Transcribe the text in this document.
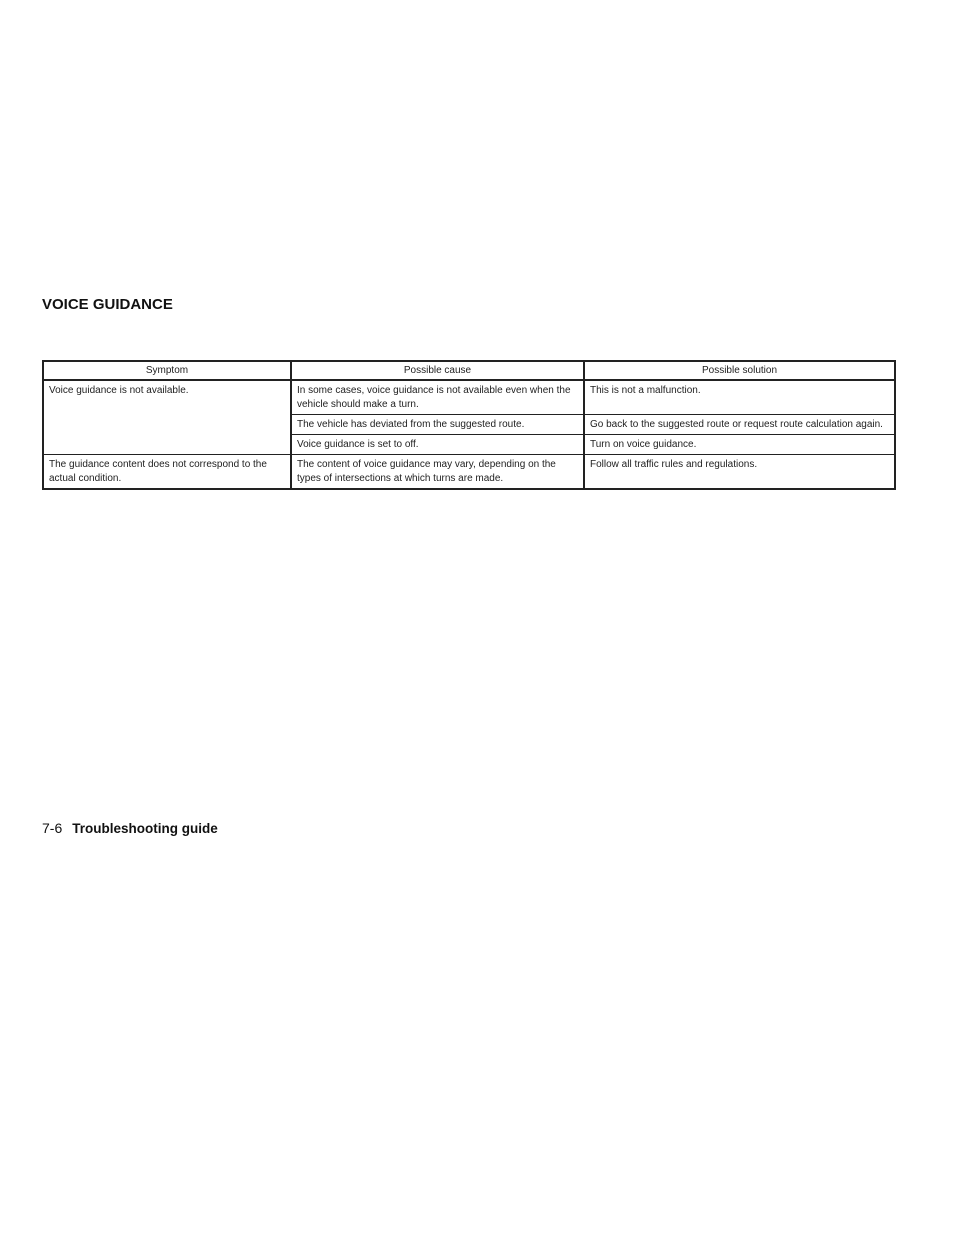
VOICE GUIDANCE
Symptom	Possible cause	Possible solution
Voice guidance is not available.	In some cases, voice guidance is not available even when the vehicle should make a turn.	This is not a malfunction.
	The vehicle has deviated from the suggested route.	Go back to the suggested route or request route calculation again.
	Voice guidance is set to off.	Turn on voice guidance.
The guidance content does not correspond to the actual condition.	The content of voice guidance may vary, depending on the types of intersections at which turns are made.	Follow all traffic rules and regulations.
7-6 Troubleshooting guide
